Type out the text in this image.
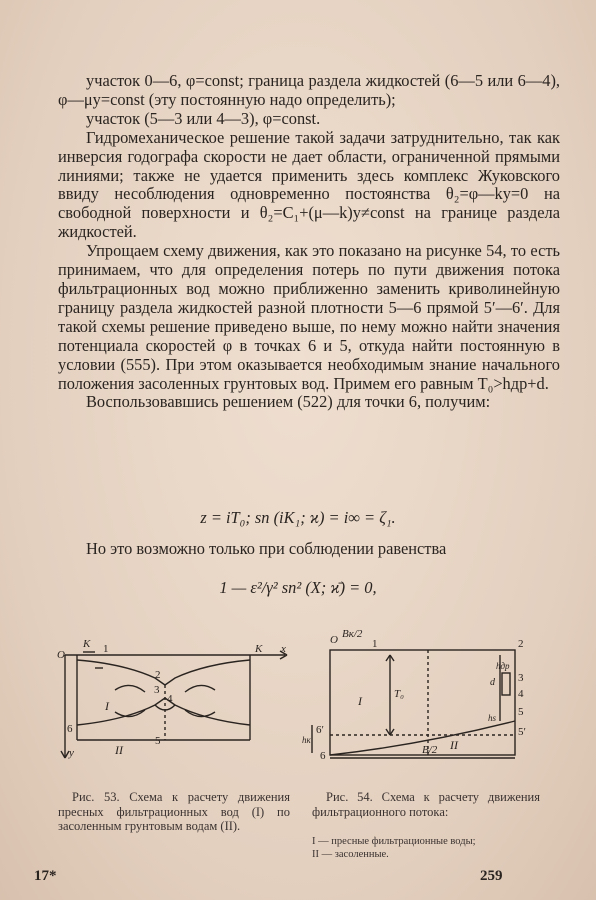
участок 0—6, φ=const; граница раздела жидкостей (6—5 или 6—4), φ—μy=const (эту постоянную надо определить);

участок (5—3 или 4—3), φ=const.

Гидромеханическое решение такой задачи затруднительно, так как инверсия годографа скорости не дает области, ограниченной прямыми линиями; также не удается применить здесь комплекс Жуковского ввиду несоблюдения одновременно постоянства θ₂=φ—ky=0 на свободной поверхности и θ₂=C₁+(μ—k)y≠const на границе раздела жидкостей.

Упрощаем схему движения, как это показано на рисунке 54, то есть принимаем, что для определения потерь по пути движения потока фильтрационных вод можно приближенно заменить криволинейную границу раздела жидкостей разной плотности 5—6 прямой 5′—6′. Для такой схемы решение приведено выше, по нему можно найти значения потенциала скоростей φ в точках 6 и 5, откуда найти постоянную в условии (555). При этом оказывается необходимым знание начального положения засоленных грунтовых вод. Примем его равным T₀>hдр+d.

Воспользовавшись решением (522) для точки 6, получим:

z = iT₀; sn (iK₁; ϰ) = i∞ = ζ₁.

Но это возможно только при соблюдении равенства

1 — ε²/γ² sn² (X; ϰ̄) = 0,
O
K 1	K x
2
3
4
5
6
y
I
II
O Bк/2
1	2
3
4
5
5′
6
6′
T₀
d
hдр
hs
hк
B/2
I
II
Рис. 53. Схема к расчету движения пресных фильтрационных вод (I) по засоленным грунтовым водам (II).
Рис. 54. Схема к расчету движения фильтрационного потока:
I — пресные фильтрационные воды;
II — засоленные.
17*	259
